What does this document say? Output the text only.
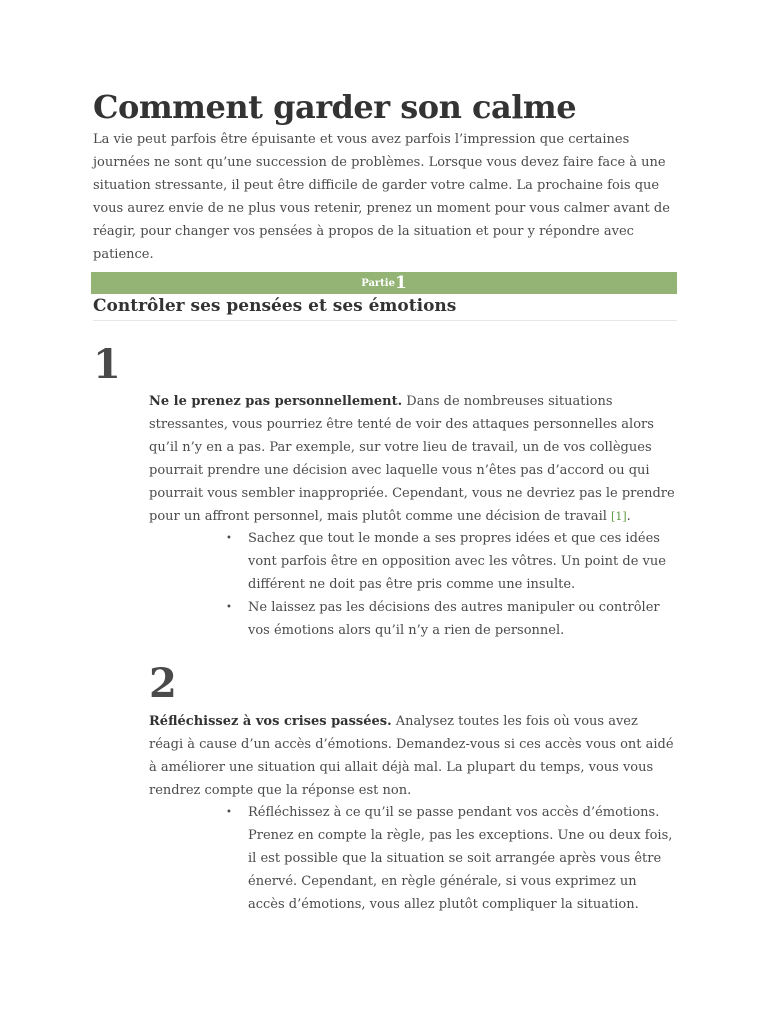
Comment garder son calme

La vie peut parfois être épuisante et vous avez parfois l’impression que certaines journées ne sont qu’une succession de problèmes. Lorsque vous devez faire face à une situation stressante, il peut être difficile de garder votre calme. La prochaine fois que vous aurez envie de ne plus vous retenir, prenez un moment pour vous calmer avant de réagir, pour changer vos pensées à propos de la situation et pour y répondre avec patience.

Partie1
Contrôler ses pensées et ses émotions
1
Ne le prenez pas personnellement. Dans de nombreuses situations stressantes, vous pourriez être tenté de voir des attaques personnelles alors qu’il n’y en a pas. Par exemple, sur votre lieu de travail, un de vos collègues pourrait prendre une décision avec laquelle vous n’êtes pas d’accord ou qui pourrait vous sembler inappropriée. Cependant, vous ne devriez pas le prendre pour un affront personnel, mais plutôt comme une décision de travail [1].
• Sachez que tout le monde a ses propres idées et que ces idées vont parfois être en opposition avec les vôtres. Un point de vue différent ne doit pas être pris comme une insulte.
• Ne laissez pas les décisions des autres manipuler ou contrôler vos émotions alors qu’il n’y a rien de personnel.
2
Réfléchissez à vos crises passées. Analysez toutes les fois où vous avez réagi à cause d’un accès d’émotions. Demandez-vous si ces accès vous ont aidé à améliorer une situation qui allait déjà mal. La plupart du temps, vous vous rendrez compte que la réponse est non.
• Réfléchissez à ce qu’il se passe pendant vos accès d’émotions. Prenez en compte la règle, pas les exceptions. Une ou deux fois, il est possible que la situation se soit arrangée après vous être énervé. Cependant, en règle générale, si vous exprimez un accès d’émotions, vous allez plutôt compliquer la situation.
